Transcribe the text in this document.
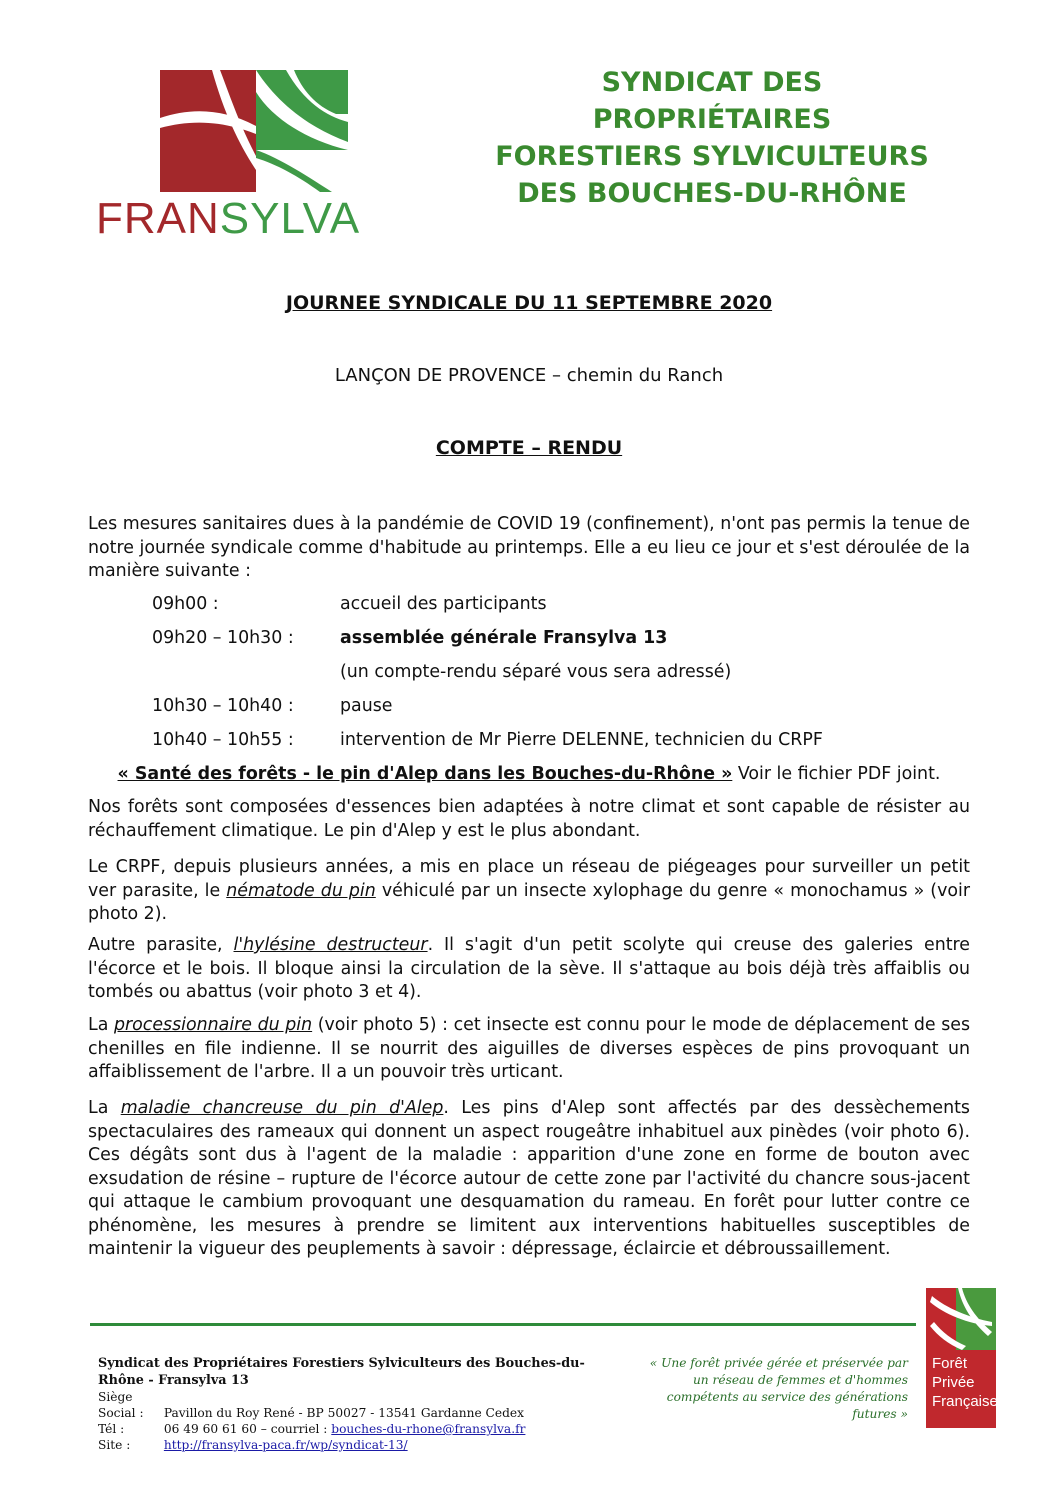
FRANSYLVA
SYNDICAT DES
PROPRIÉTAIRES
FORESTIERS SYLVICULTEURS
DES BOUCHES-DU-RHÔNE
JOURNEE SYNDICALE DU 11 SEPTEMBRE 2020
LANÇON DE PROVENCE – chemin du Ranch
COMPTE – RENDU
Les mesures sanitaires dues à la pandémie de COVID 19 (confinement), n'ont pas permis la tenue de notre journée syndicale comme d'habitude au printemps. Elle a eu lieu ce jour et s'est déroulée de la manière suivante :
09h00 :	accueil des participants
09h20 – 10h30 :	assemblée générale Fransylva 13
(un compte-rendu séparé vous sera adressé)
10h30 – 10h40 :	pause
10h40 – 10h55 :	intervention de Mr Pierre DELENNE, technicien du CRPF
« Santé des forêts - le pin d'Alep dans les Bouches-du-Rhône » Voir le fichier PDF joint.
Nos forêts sont composées d'essences bien adaptées à notre climat et sont capable de résister au réchauffement climatique. Le pin d'Alep y est le plus abondant.
Le CRPF, depuis plusieurs années, a mis en place un réseau de piégeages pour surveiller un petit ver parasite, le nématode du pin véhiculé par un insecte xylophage du genre « monochamus » (voir photo 2).
Autre parasite, l'hylésine destructeur. Il s'agit d'un petit scolyte qui creuse des galeries entre l'écorce et le bois. Il bloque ainsi la circulation de la sève. Il s'attaque au bois déjà très affaiblis ou tombés ou abattus (voir photo 3 et 4).
La processionnaire du pin (voir photo 5) : cet insecte est connu pour le mode de déplacement de ses chenilles en file indienne. Il se nourrit des aiguilles de diverses espèces de pins provoquant un affaiblissement de l'arbre. Il a un pouvoir très urticant.
La maladie chancreuse du pin d'Alep. Les pins d'Alep sont affectés par des dessèchements spectaculaires des rameaux qui donnent un aspect rougeâtre inhabituel aux pinèdes (voir photo 6). Ces dégâts sont dus à l'agent de la maladie : apparition d'une zone en forme de bouton avec exsudation de résine – rupture de l'écorce autour de cette zone par l'activité du chancre sous-jacent qui attaque le cambium provoquant une desquamation du rameau. En forêt pour lutter contre ce phénomène, les mesures à prendre se limitent aux interventions habituelles susceptibles de maintenir la vigueur des peuplements à savoir : dépressage, éclaircie et débroussaillement.
Syndicat des Propriétaires Forestiers Sylviculteurs des Bouches-du-Rhône - Fransylva 13
Siège Social : Pavillon du Roy René - BP 50027 - 13541 Gardanne Cedex
Tél :	06 49 60 61 60 – courriel : bouches-du-rhone@fransylva.fr
Site :	http://fransylva-paca.fr/wp/syndicat-13/
« Une forêt privée gérée et préservée par un réseau de femmes et d'hommes compétents au service des générations futures »
Forêt
Privée
Française
